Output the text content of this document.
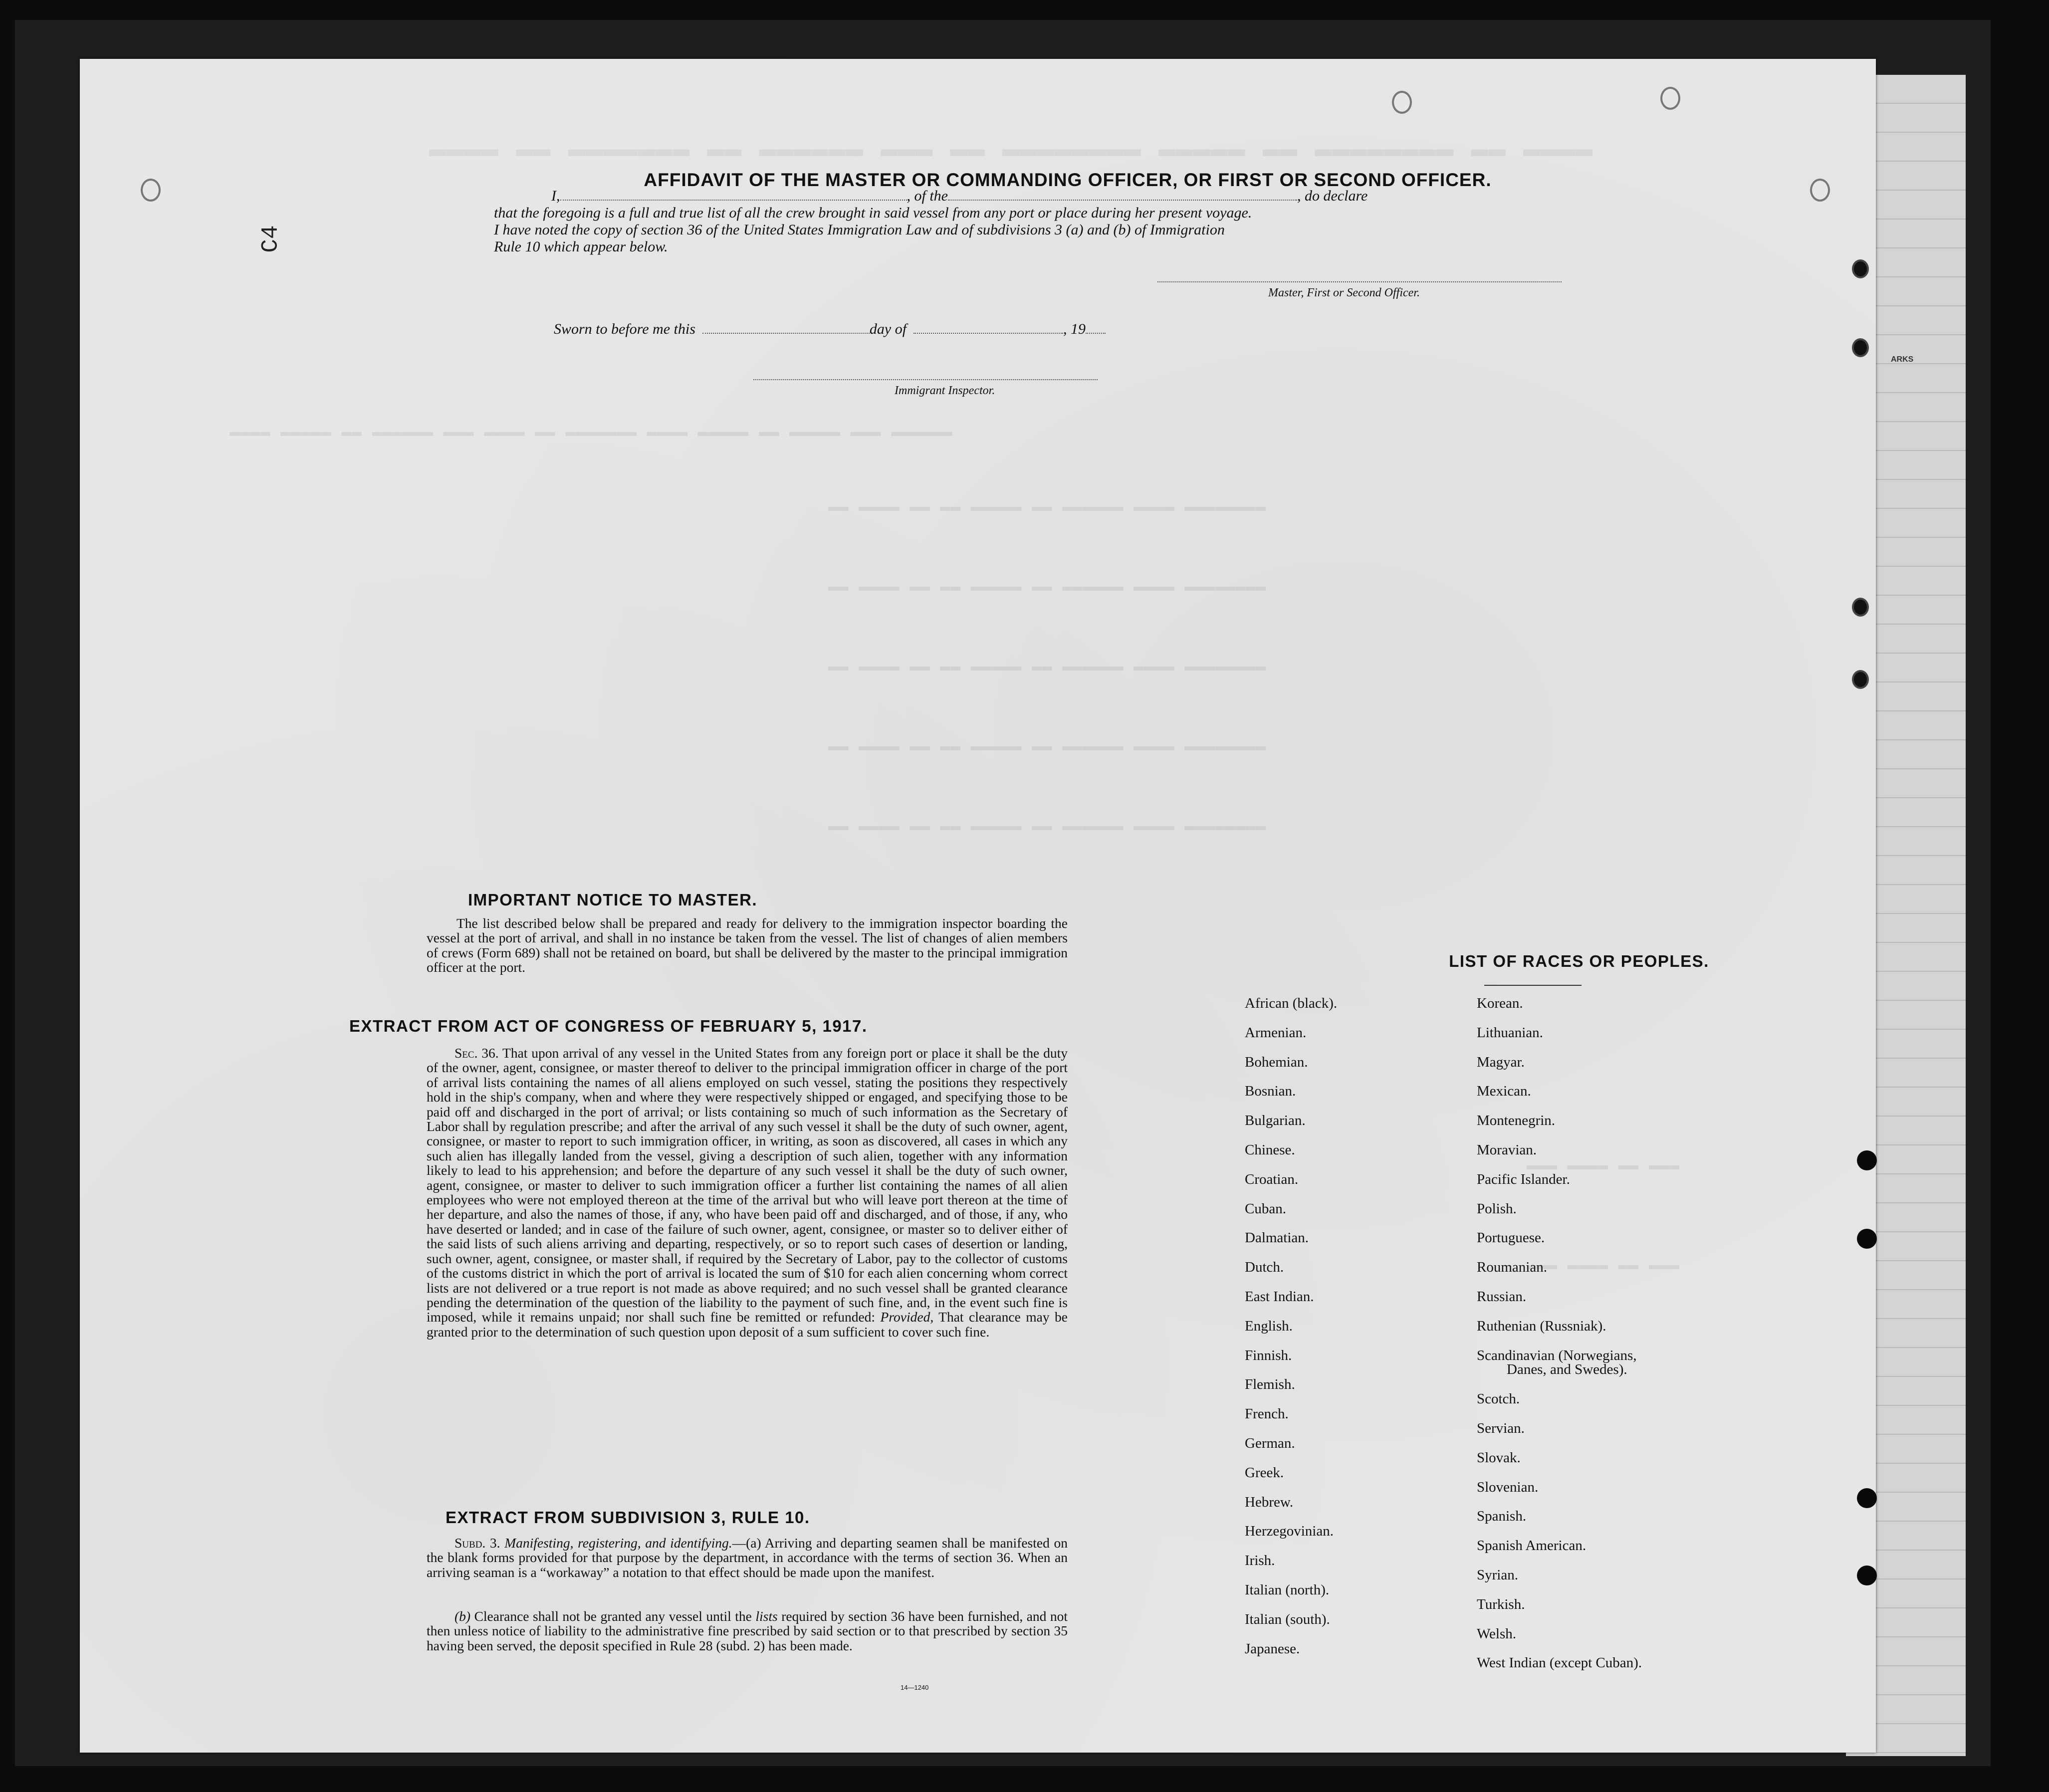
ARKS
▬▬▬▬ ▬▬ ▬▬▬▬▬▬▬▬ ▬▬ ▬▬▬▬▬ ▬▬▬▬▬▬▬▬ ▬▬ ▬▬▬ ▬▬▬▬▬▬ ▬▬ ▬▬▬▬▬▬▬ ▬▬ ▬▬▬▬
▬▬▬▬ ▬▬▬▬▬ ▬▬ ▬▬▬▬▬▬ ▬▬▬ ▬▬▬▬ ▬▬ ▬▬▬▬▬▬▬ ▬▬▬▬ ▬▬▬▬▬ ▬▬ ▬▬▬▬▬ ▬▬▬ ▬▬▬▬▬▬
▬▬ ▬▬▬▬ ▬▬ ▬▬ ▬▬▬▬▬ ▬▬ ▬▬▬▬▬▬ ▬▬▬▬ ▬▬▬▬▬▬▬▬
▬▬ ▬▬▬▬ ▬▬ ▬▬ ▬▬▬▬▬ ▬▬ ▬▬▬▬▬▬ ▬▬▬▬ ▬▬▬▬▬▬▬▬
▬▬ ▬▬▬▬ ▬▬ ▬▬ ▬▬▬▬▬ ▬▬ ▬▬▬▬▬▬ ▬▬▬▬ ▬▬▬▬▬▬▬▬
▬▬ ▬▬▬▬ ▬▬ ▬▬ ▬▬▬▬▬ ▬▬ ▬▬▬▬▬▬ ▬▬▬▬ ▬▬▬▬▬▬▬▬
▬▬ ▬▬▬▬ ▬▬ ▬▬ ▬▬▬▬▬ ▬▬ ▬▬▬▬▬▬ ▬▬▬▬ ▬▬▬▬▬▬▬▬
▬▬▬ ▬▬▬▬ ▬▬ ▬▬▬
▬▬▬ ▬▬▬▬ ▬▬ ▬▬▬
C4
AFFIDAVIT OF THE MASTER OR COMMANDING OFFICER, OR FIRST OR SECOND OFFICER.
I,	, of the	, do declare
that the foregoing is a full and true list of all the crew brought in said vessel from any port or place during her present voyage.
I have noted the copy of section 36 of the United States Immigration Law and of subdivisions 3 (a) and (b) of Immigration
Rule 10 which appear below.
Master, First or Second Officer.
Sworn to before me this	day of	, 19
Immigrant Inspector.
IMPORTANT NOTICE TO MASTER.

The list described below shall be prepared and ready for delivery to the immigration inspector boarding the vessel at the port of arrival, and shall in no instance be taken from the vessel. The list of changes of alien members of crews (Form 689) shall not be retained on board, but shall be delivered by the master to the principal immigration officer at the port.

EXTRACT FROM ACT OF CONGRESS OF FEBRUARY 5, 1917.

Sec. 36. That upon arrival of any vessel in the United States from any foreign port or place it shall be the duty of the owner, agent, consignee, or master thereof to deliver to the principal immigration officer in charge of the port of arrival lists containing the names of all aliens employed on such vessel, stating the positions they respectively hold in the ship's company, when and where they were respectively shipped or engaged, and specifying those to be paid off and discharged in the port of arrival; or lists containing so much of such information as the Secretary of Labor shall by regulation prescribe; and after the arrival of any such vessel it shall be the duty of such owner, agent, consignee, or master to report to such immigration officer, in writing, as soon as discovered, all cases in which any such alien has illegally landed from the vessel, giving a description of such alien, together with any information likely to lead to his apprehension; and before the departure of any such vessel it shall be the duty of such owner, agent, consignee, or master to deliver to such immigration officer a further list containing the names of all alien employees who were not employed thereon at the time of the arrival but who will leave port thereon at the time of her departure, and also the names of those, if any, who have been paid off and discharged, and of those, if any, who have deserted or landed; and in case of the failure of such owner, agent, consignee, or master so to deliver either of the said lists of such aliens arriving and departing, respectively, or so to report such cases of desertion or landing, such owner, agent, consignee, or master shall, if required by the Secretary of Labor, pay to the collector of customs of the customs district in which the port of arrival is located the sum of $10 for each alien concerning whom correct lists are not delivered or a true report is not made as above required; and no such vessel shall be granted clearance pending the determination of the question of the liability to the payment of such fine, and, in the event such fine is imposed, while it remains unpaid; nor shall such fine be remitted or refunded: Provided, That clearance may be granted prior to the determination of such question upon deposit of a sum sufficient to cover such fine.

EXTRACT FROM SUBDIVISION 3, RULE 10.

Subd. 3. Manifesting, registering, and identifying.—(a) Arriving and departing seamen shall be manifested on the blank forms provided for that purpose by the department, in accordance with the terms of section 36. When an arriving seaman is a “workaway” a notation to that effect should be made upon the manifest.

(b) Clearance shall not be granted any vessel until the lists required by section 36 have been furnished, and not then unless notice of liability to the administrative fine prescribed by said section or to that prescribed by section 35 having been served, the deposit specified in Rule 28 (subd. 2) has been made.

14—1240
LIST OF RACES OR PEOPLES.
African (black).
Armenian.
Bohemian.
Bosnian.
Bulgarian.
Chinese.
Croatian.
Cuban.
Dalmatian.
Dutch.
East Indian.
English.
Finnish.
Flemish.
French.
German.
Greek.
Hebrew.
Herzegovinian.
Irish.
Italian (north).
Italian (south).
Japanese.
Korean.
Lithuanian.
Magyar.
Mexican.
Montenegrin.
Moravian.
Pacific Islander.
Polish.
Portuguese.
Roumanian.
Russian.
Ruthenian (Russniak).
Scandinavian (Norwegians,
Danes, and Swedes).
Scotch.
Servian.
Slovak.
Slovenian.
Spanish.
Spanish American.
Syrian.
Turkish.
Welsh.
West Indian (except Cuban).
